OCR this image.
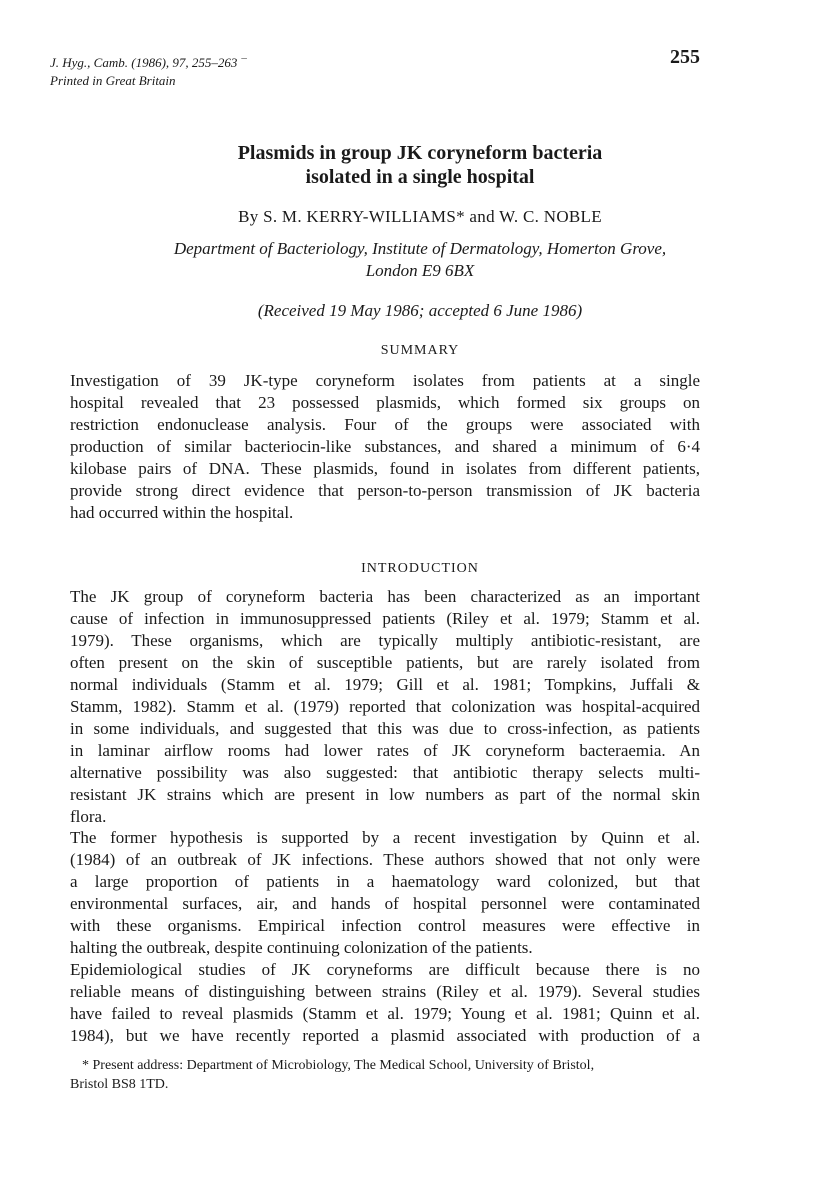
J. Hyg., Camb. (1986), 97, 255–263 ¯
Printed in Great Britain
255
Plasmids in group JK coryneform bacteria
isolated in a single hospital
By S. M. KERRY-WILLIAMS* and W. C. NOBLE
Department of Bacteriology, Institute of Dermatology, Homerton Grove,
London E9 6BX
(Received 19 May 1986; accepted 6 June 1986)
SUMMARY
Investigation of 39 JK-type coryneform isolates from patients at a single
hospital revealed that 23 possessed plasmids, which formed six groups on
restriction endonuclease analysis. Four of the groups were associated with
production of similar bacteriocin-like substances, and shared a minimum of 6·4
kilobase pairs of DNA. These plasmids, found in isolates from different patients,
provide strong direct evidence that person-to-person transmission of JK bacteria
had occurred within the hospital.
INTRODUCTION
The JK group of coryneform bacteria has been characterized as an important
cause of infection in immunosuppressed patients (Riley et al. 1979; Stamm et al.
1979). These organisms, which are typically multiply antibiotic-resistant, are
often present on the skin of susceptible patients, but are rarely isolated from
normal individuals (Stamm et al. 1979; Gill et al. 1981; Tompkins, Juffali &
Stamm, 1982). Stamm et al. (1979) reported that colonization was hospital-acquired
in some individuals, and suggested that this was due to cross-infection, as patients
in laminar airflow rooms had lower rates of JK coryneform bacteraemia. An
alternative possibility was also suggested: that antibiotic therapy selects multi-
resistant JK strains which are present in low numbers as part of the normal skin
flora.
The former hypothesis is supported by a recent investigation by Quinn et al.
(1984) of an outbreak of JK infections. These authors showed that not only were
a large proportion of patients in a haematology ward colonized, but that
environmental surfaces, air, and hands of hospital personnel were contaminated
with these organisms. Empirical infection control measures were effective in
halting the outbreak, despite continuing colonization of the patients.
Epidemiological studies of JK coryneforms are difficult because there is no
reliable means of distinguishing between strains (Riley et al. 1979). Several studies
have failed to reveal plasmids (Stamm et al. 1979; Young et al. 1981; Quinn et al.
1984), but we have recently reported a plasmid associated with production of a
* Present address: Department of Microbiology, The Medical School, University of Bristol,
Bristol BS8 1TD.
